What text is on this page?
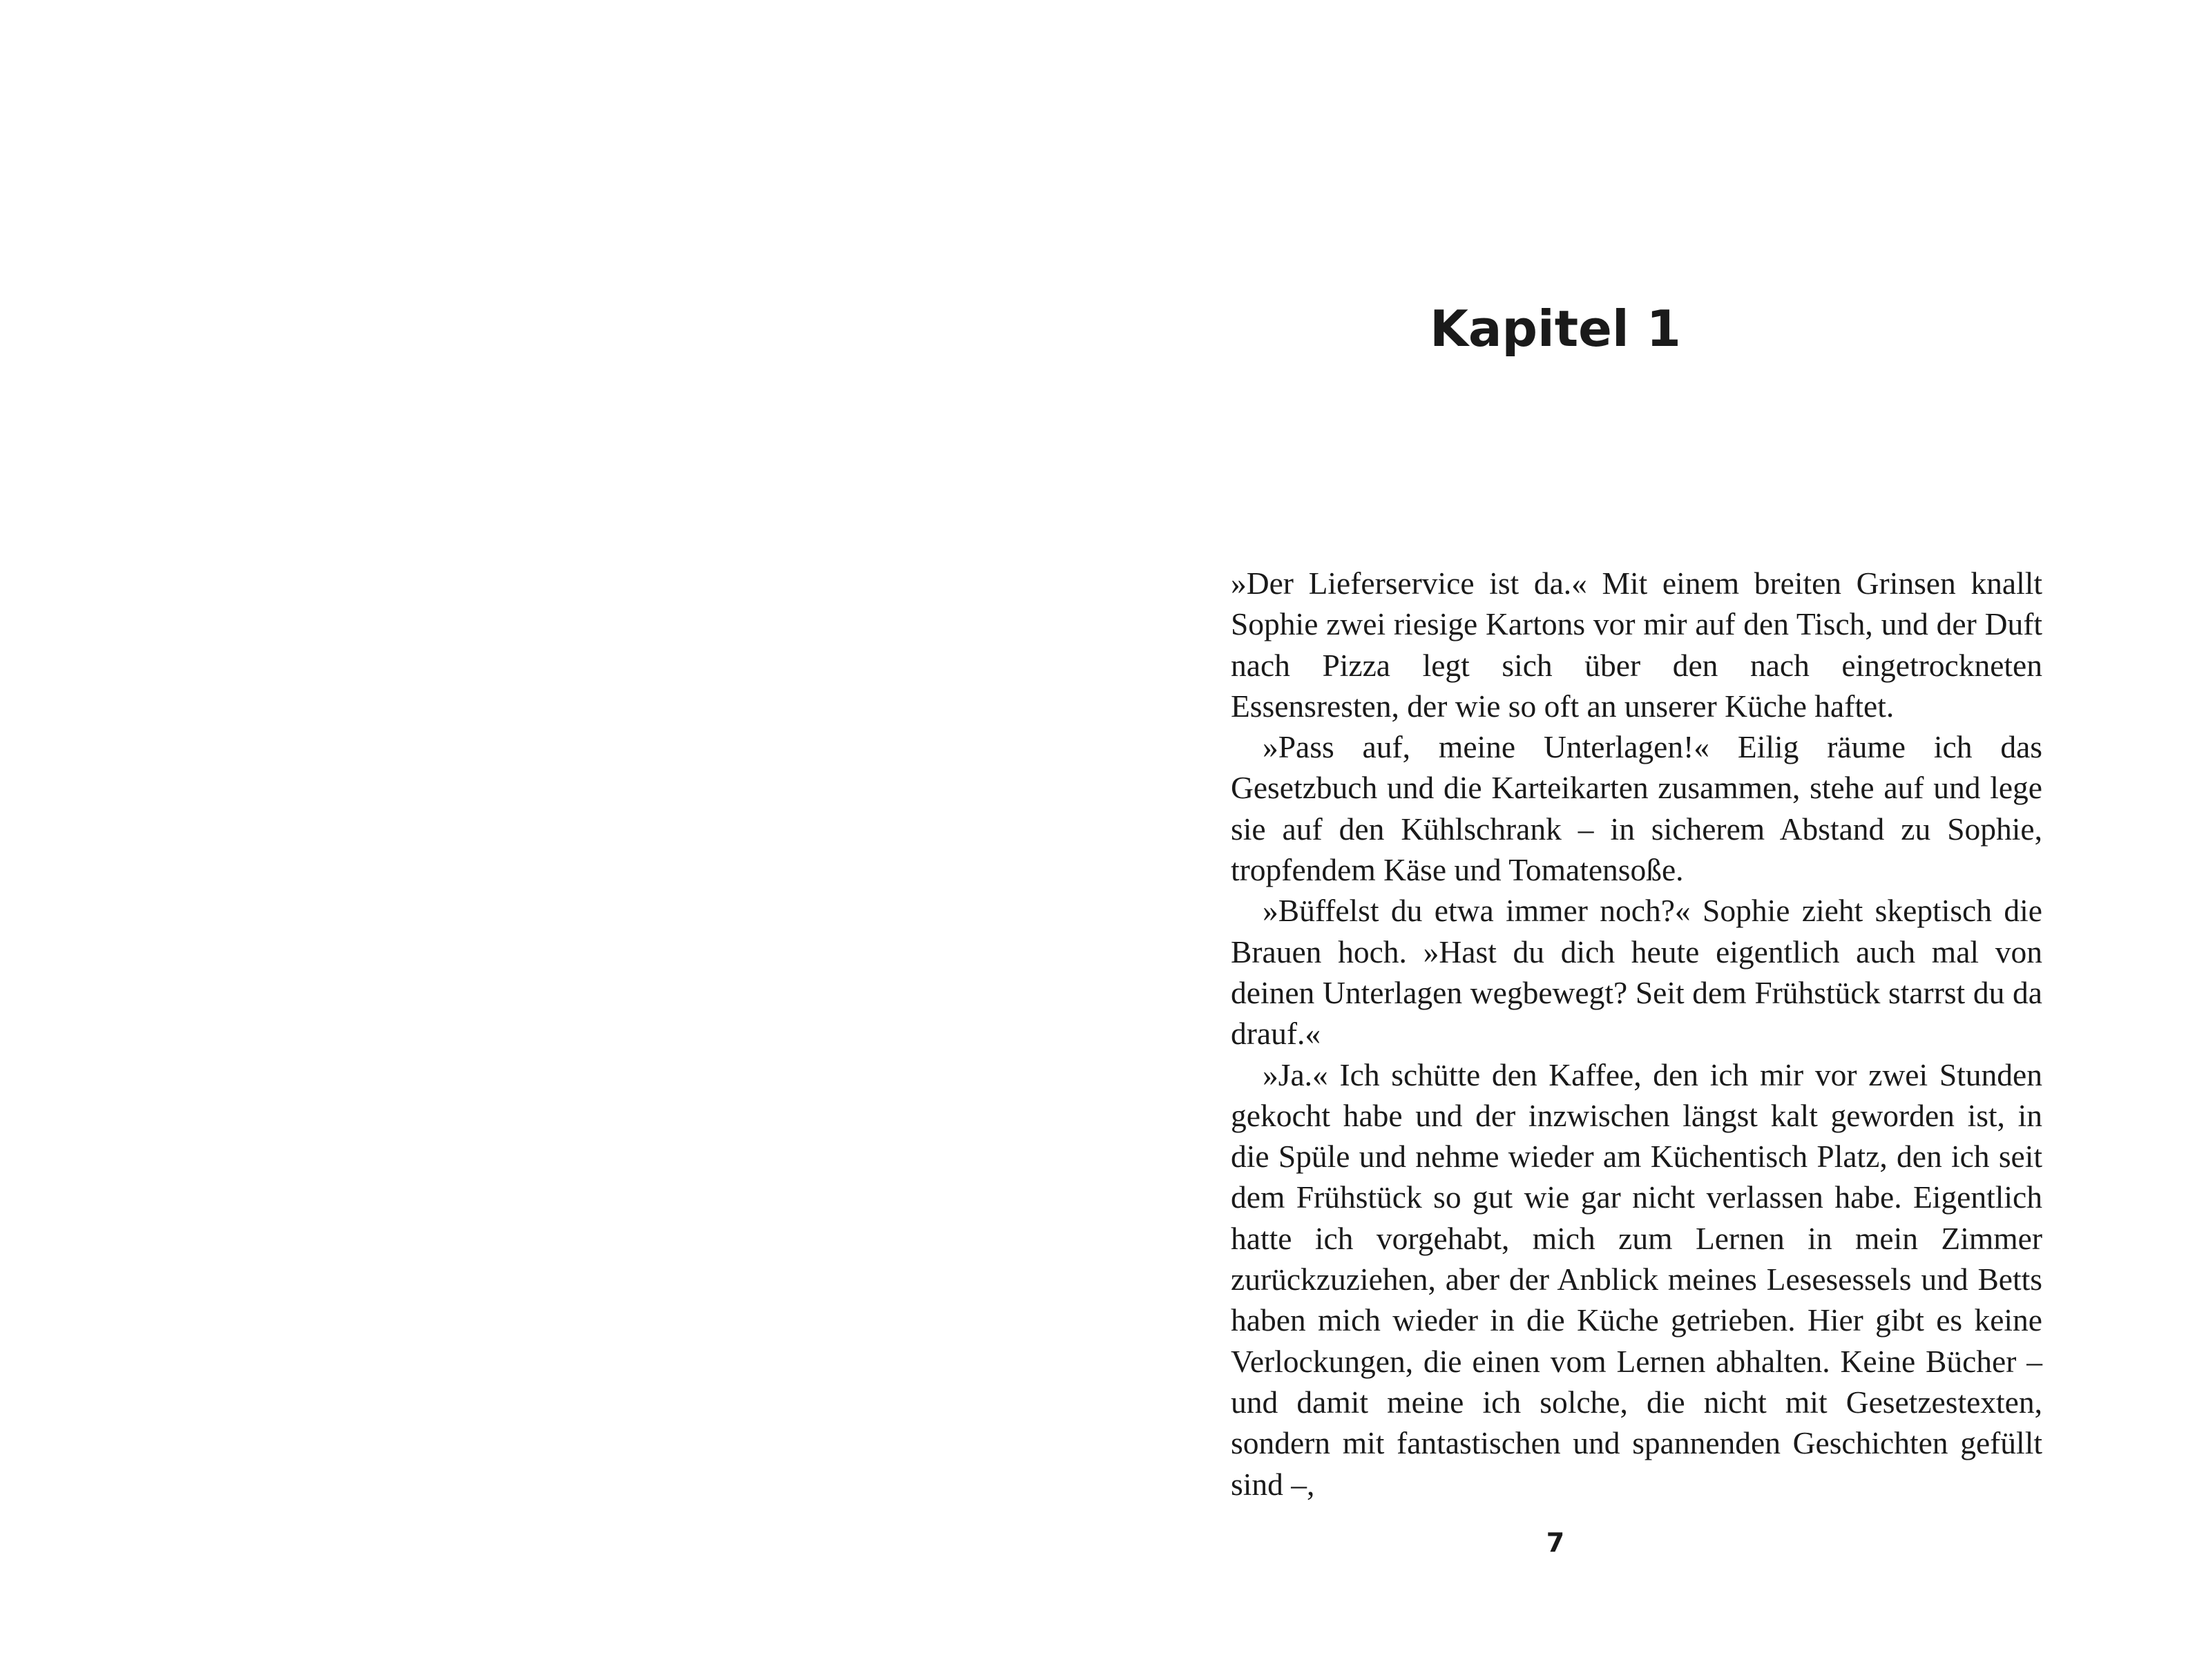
Kapitel 1

»Der Lieferservice ist da.« Mit einem breiten Grinsen knallt Sophie zwei riesige Kartons vor mir auf den Tisch, und der Duft nach Pizza legt sich über den nach eingetrockneten Essensresten, der wie so oft an unserer Küche haftet.

»Pass auf, meine Unterlagen!« Eilig räume ich das Gesetzbuch und die Karteikarten zusammen, stehe auf und lege sie auf den Kühlschrank – in sicherem Abstand zu Sophie, tropfendem Käse und Tomatensoße.

»Büffelst du etwa immer noch?« Sophie zieht skeptisch die Brauen hoch. »Hast du dich heute eigentlich auch mal von deinen Unterlagen wegbewegt? Seit dem Frühstück starrst du da drauf.«

»Ja.« Ich schütte den Kaffee, den ich mir vor zwei Stunden gekocht habe und der inzwischen längst kalt geworden ist, in die Spüle und nehme wieder am Küchentisch Platz, den ich seit dem Frühstück so gut wie gar nicht verlassen habe. Eigentlich hatte ich vorgehabt, mich zum Lernen in mein Zimmer zurückzuziehen, aber der Anblick meines Lesesessels und Betts haben mich wieder in die Küche getrieben. Hier gibt es keine Verlockungen, die einen vom Lernen abhalten. Keine Bücher – und damit meine ich solche, die nicht mit Gesetzestexten, sondern mit fantastischen und spannenden Geschichten gefüllt sind –,

7
